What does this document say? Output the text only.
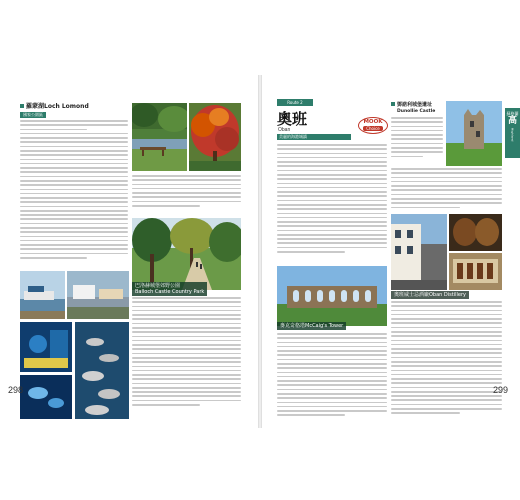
羅蒙湖Loch Lomond
國家公園區
巴洛赫城堡郊野公園
Balloch Castle Country Park
Route 2
奧班
Oban
美麗的海港城鎮
MOOK
Choice
麥克奇格塔McCaig's Tower
鄧諾利城堡遺址
Dunollie Castle
奧班威士忌酒廠Oban Distillery
蘇格蘭
高
Highland
298	299
